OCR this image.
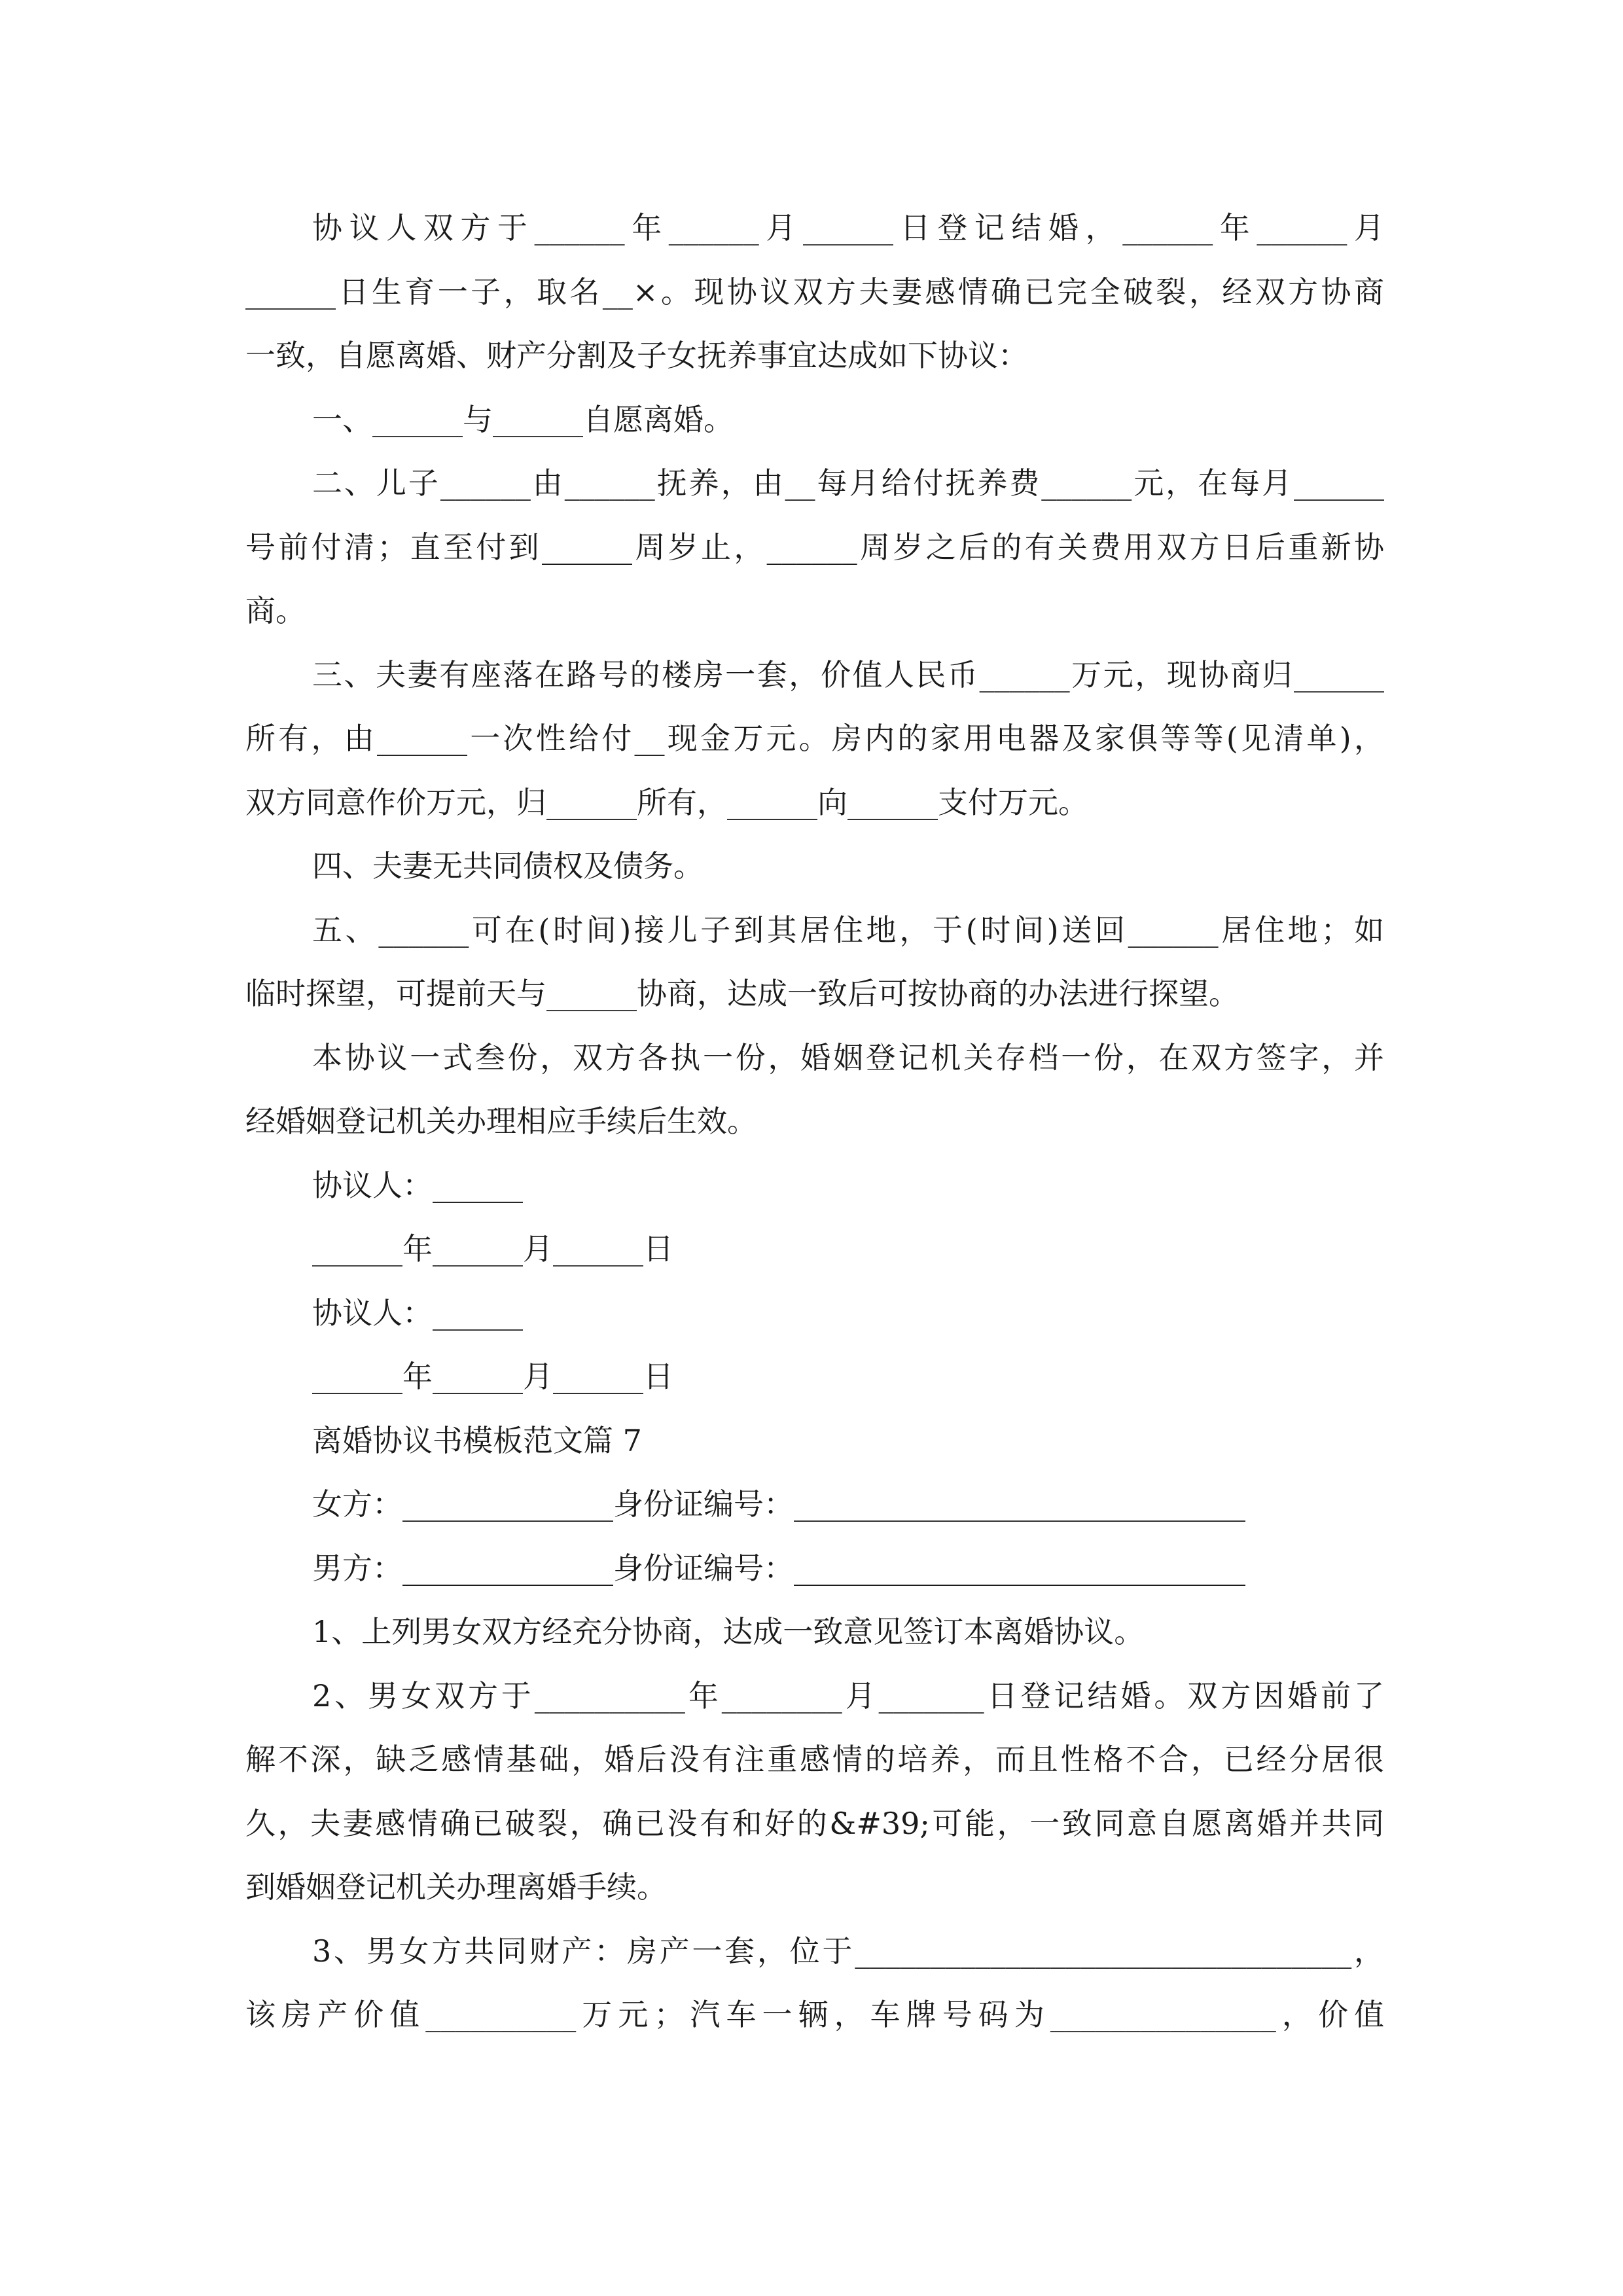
协议人双方于______年______月______日登记结婚，______年______月
______日生育一子，取名__×。现协议双方夫妻感情确已完全破裂，经双方协商
一致，自愿离婚、财产分割及子女抚养事宜达成如下协议：
一、______与______自愿离婚。
二、儿子______由______抚养，由__每月给付抚养费______元，在每月______
号前付清；直至付到______周岁止，______周岁之后的有关费用双方日后重新协
商。
三、夫妻有座落在路号的楼房一套，价值人民币______万元，现协商归______
所有，由______一次性给付__现金万元。房内的家用电器及家俱等等(见清单)，
双方同意作价万元，归______所有，______向______支付万元。
四、夫妻无共同债权及债务。
五、______可在(时间)接儿子到其居住地，于(时间)送回______居住地；如
临时探望，可提前天与______协商，达成一致后可按协商的办法进行探望。
本协议一式叁份，双方各执一份，婚姻登记机关存档一份，在双方签字，并
经婚姻登记机关办理相应手续后生效。
协议人：______
______年______月______日
协议人：______
______年______月______日
离婚协议书模板范文篇 7
女方：______________身份证编号：______________________________
男方：______________身份证编号：______________________________
1、上列男女双方经充分协商，达成一致意见签订本离婚协议。
2、男女双方于__________年________月_______日登记结婚。双方因婚前了
解不深，缺乏感情基础，婚后没有注重感情的培养，而且性格不合，已经分居很
久，夫妻感情确已破裂，确已没有和好的&#39;可能，一致同意自愿离婚并共同
到婚姻登记机关办理离婚手续。
3、男女方共同财产：房产一套，位于_________________________________，
该房产价值__________万元；汽车一辆，车牌号码为_______________，价值
